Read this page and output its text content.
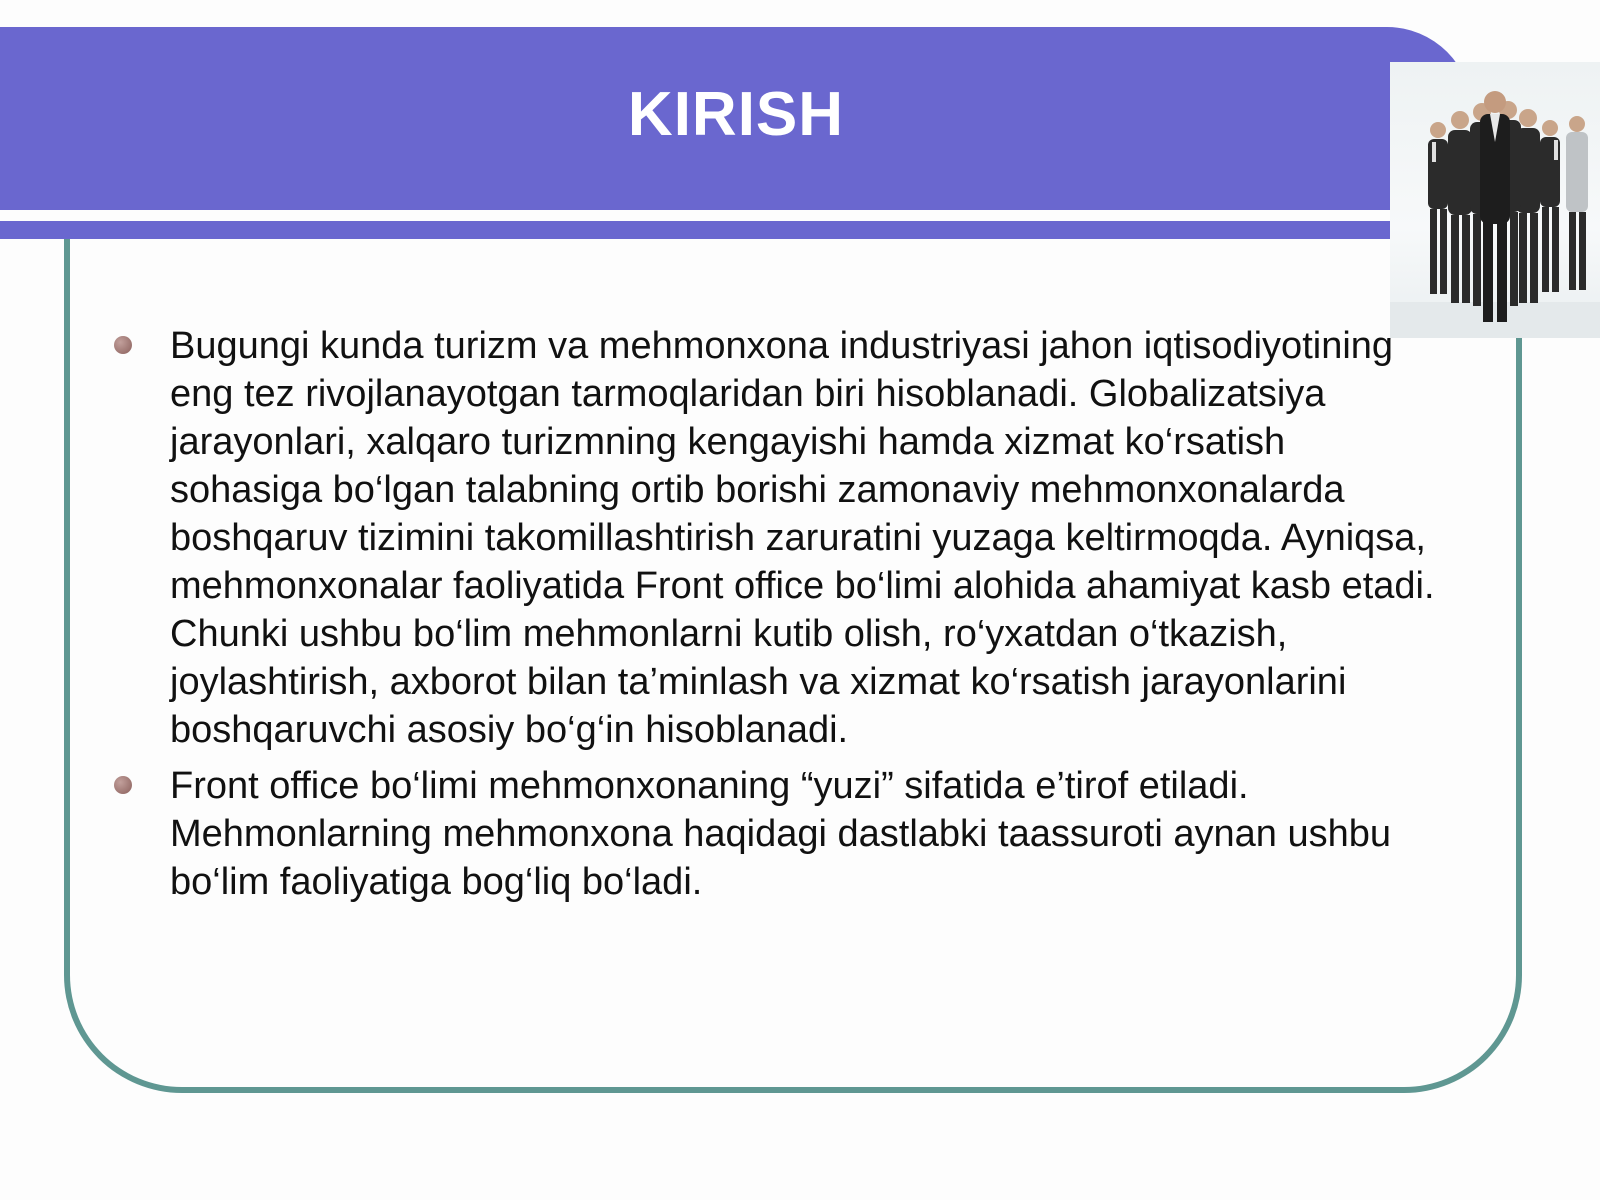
KIRISH
Bugungi kunda turizm va mehmonxona industriyasi jahon iqtisodiyotining eng tez rivojlanayotgan tarmoqlaridan biri hisoblanadi. Globalizatsiya jarayonlari, xalqaro turizmning kengayishi hamda xizmat ko‘rsatish sohasiga bo‘lgan talabning ortib borishi zamonaviy mehmonxonalarda boshqaruv tizimini takomillashtirish zaruratini yuzaga keltirmoqda. Ayniqsa, mehmonxonalar faoliyatida Front office bo‘limi alohida ahamiyat kasb etadi. Chunki ushbu bo‘lim mehmonlarni kutib olish, ro‘yxatdan o‘tkazish, joylashtirish, axborot bilan ta’minlash va xizmat ko‘rsatish jarayonlarini boshqaruvchi asosiy bo‘g‘in hisoblanadi.
Front office bo‘limi mehmonxonaning “yuzi” sifatida e’tirof etiladi. Mehmonlarning mehmonxona haqidagi dastlabki taassuroti aynan ushbu bo‘lim faoliyatiga bog‘liq bo‘ladi.
